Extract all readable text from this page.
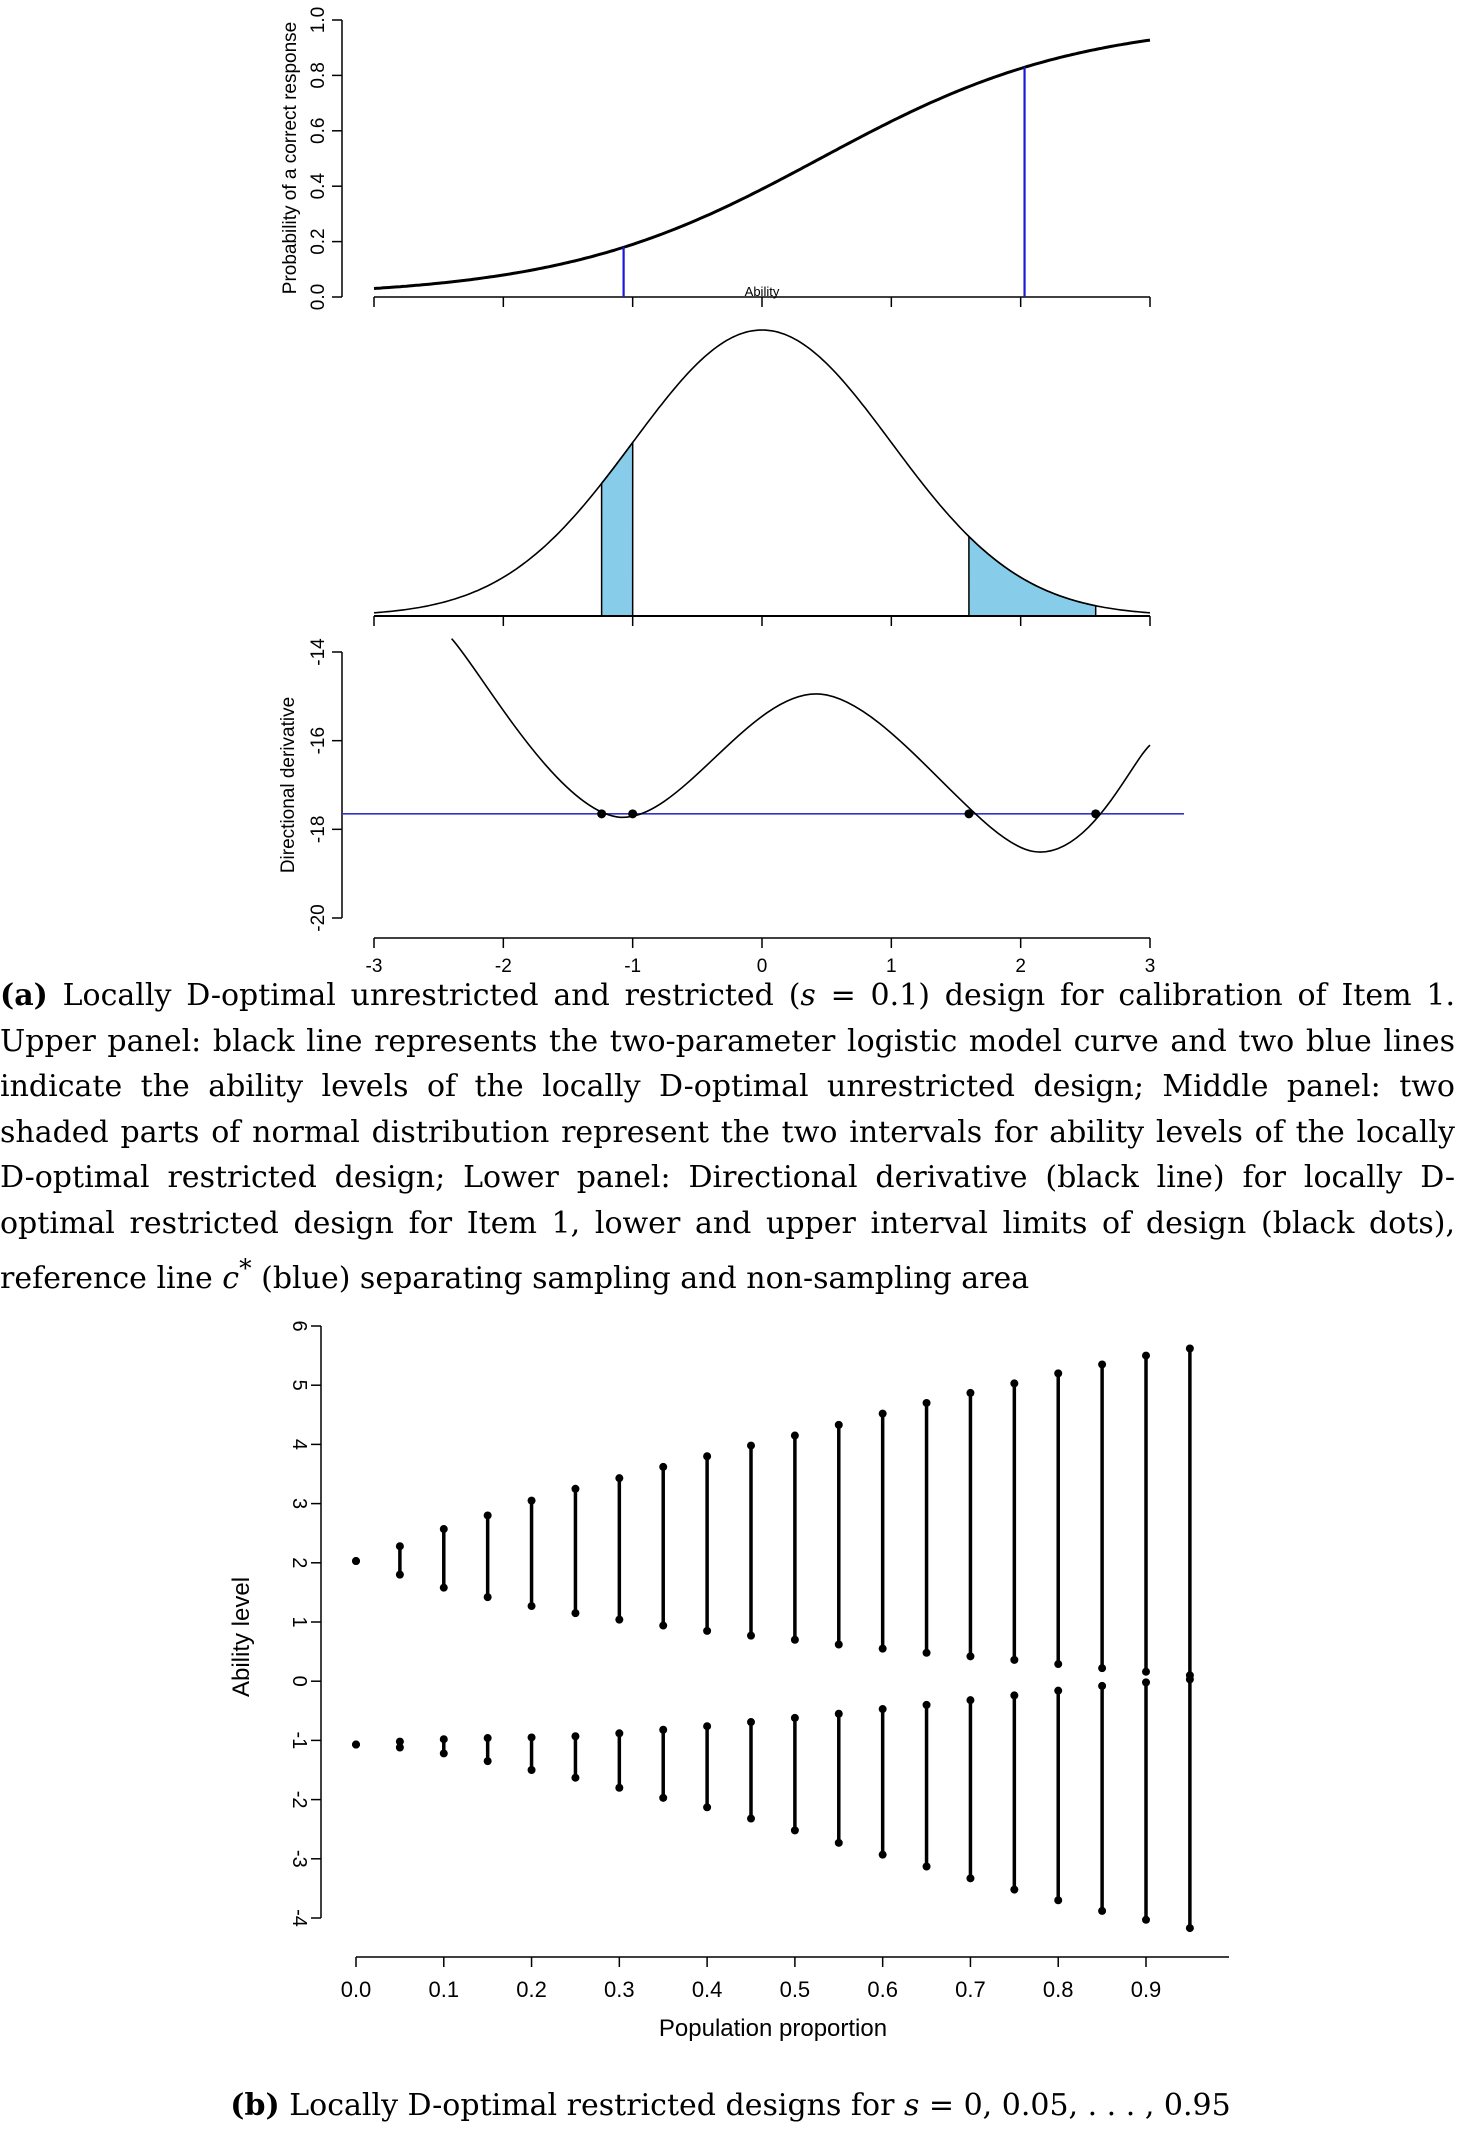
0.0
0.2
0.4
0.6
0.8
1.0
Probability of a correct response	Ability
-20
-18
-16
-14
-3	-2	-1	0	1	2	3
Directional derivative
-4
-3
-2
-1
0
1
2
3
4
5
6
0.0	0.1	0.2	0.3	0.4	0.5	0.6	0.7	0.8	0.9
Ability level
Population proportion

(a) Locally D-optimal unrestricted and restricted (s = 0.1) design for calibration of Item 1. Upper panel: black line represents the two-parameter logistic model curve and two blue lines indicate the ability levels of the locally D-optimal unrestricted design; Middle panel: two shaded parts of normal distribution represent the two intervals for ability levels of the locally D-optimal restricted design; Lower panel: Directional derivative (black line) for locally D-optimal restricted design for Item 1, lower and upper interval limits of design (black dots), reference line c* (blue) separating sampling and non-sampling area

(b) Locally D-optimal restricted designs for s = 0, 0.05, . . . , 0.95
